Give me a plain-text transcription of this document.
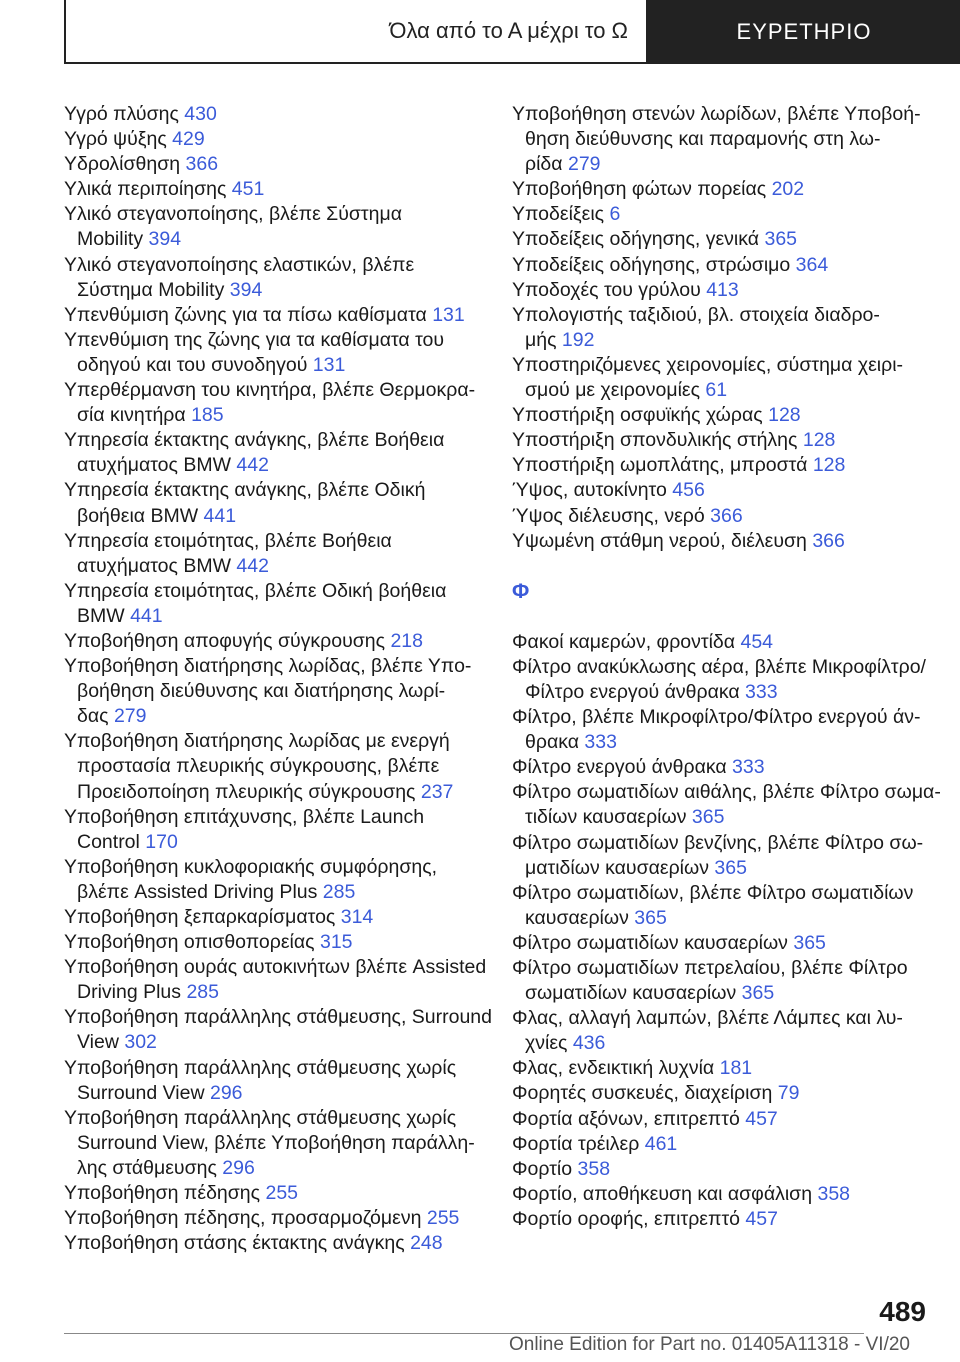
Όλα από το Α μέχρι το Ω	ΕΥΡΕΤΗΡΙΟ
Υγρό πλύσης 430
Υγρό ψύξης 429
Υδρολίσθηση 366
Υλικά περιποίησης 451
Υλικό στεγανοποίησης, βλέπε Σύστημα
Mobility 394
Υλικό στεγανοποίησης ελαστικών, βλέπε
Σύστημα Mobility 394
Υπενθύμιση ζώνης για τα πίσω καθίσματα 131
Υπενθύμιση της ζώνης για τα καθίσματα του
οδηγού και του συνοδηγού 131
Υπερθέρμανση του κινητήρα, βλέπε Θερμοκρα-
σία κινητήρα 185
Υπηρεσία έκτακτης ανάγκης, βλέπε Βοήθεια
ατυχήματος BMW 442
Υπηρεσία έκτακτης ανάγκης, βλέπε Οδική
βοήθεια BMW 441
Υπηρεσία ετοιμότητας, βλέπε Βοήθεια
ατυχήματος BMW 442
Υπηρεσία ετοιμότητας, βλέπε Οδική βοήθεια
BMW 441
Υποβοήθηση αποφυγής σύγκρουσης 218
Υποβοήθηση διατήρησης λωρίδας, βλέπε Υπο-
βοήθηση διεύθυνσης και διατήρησης λωρί-
δας 279
Υποβοήθηση διατήρησης λωρίδας με ενεργή
προστασία πλευρικής σύγκρουσης, βλέπε
Προειδοποίηση πλευρικής σύγκρουσης 237
Υποβοήθηση επιτάχυνσης, βλέπε Launch
Control 170
Υποβοήθηση κυκλοφοριακής συμφόρησης,
βλέπε Assisted Driving Plus 285
Υποβοήθηση ξεπαρκαρίσματος 314
Υποβοήθηση οπισθοπορείας 315
Υποβοήθηση ουράς αυτοκινήτων βλέπε Assisted
Driving Plus 285
Υποβοήθηση παράλληλης στάθμευσης, Surround
View 302
Υποβοήθηση παράλληλης στάθμευσης χωρίς
Surround View 296
Υποβοήθηση παράλληλης στάθμευσης χωρίς
Surround View, βλέπε Υποβοήθηση παράλλη-
λης στάθμευσης 296
Υποβοήθηση πέδησης 255
Υποβοήθηση πέδησης, προσαρμοζόμενη 255
Υποβοήθηση στάσης έκτακτης ανάγκης 248
Υποβοήθηση στενών λωρίδων, βλέπε Υποβοή-
θηση διεύθυνσης και παραμονής στη λω-
ρίδα 279
Υποβοήθηση φώτων πορείας 202
Υποδείξεις 6
Υποδείξεις οδήγησης, γενικά 365
Υποδείξεις οδήγησης, στρώσιμο 364
Υποδοχές του γρύλου 413
Υπολογιστής ταξιδιού, βλ. στοιχεία διαδρο-
μής 192
Υποστηριζόμενες χειρονομίες, σύστημα χειρι-
σμού με χειρονομίες 61
Υποστήριξη οσφυϊκής χώρας 128
Υποστήριξη σπονδυλικής στήλης 128
Υποστήριξη ωμοπλάτης, μπροστά 128
Ύψος, αυτοκίνητο 456
Ύψος διέλευσης, νερό 366
Υψωμένη στάθμη νερού, διέλευση 366
Φ
Φακοί καμερών, φροντίδα 454
Φίλτρο ανακύκλωσης αέρα, βλέπε Μικροφίλτρο/
Φίλτρο ενεργού άνθρακα 333
Φίλτρο, βλέπε Μικροφίλτρο/Φίλτρο ενεργού άν-
θρακα 333
Φίλτρο ενεργού άνθρακα 333
Φίλτρο σωματιδίων αιθάλης, βλέπε Φίλτρο σωμα-
τιδίων καυσαερίων 365
Φίλτρο σωματιδίων βενζίνης, βλέπε Φίλτρο σω-
ματιδίων καυσαερίων 365
Φίλτρο σωματιδίων, βλέπε Φίλτρο σωματιδίων
καυσαερίων 365
Φίλτρο σωματιδίων καυσαερίων 365
Φίλτρο σωματιδίων πετρελαίου, βλέπε Φίλτρο
σωματιδίων καυσαερίων 365
Φλας, αλλαγή λαμπών, βλέπε Λάμπες και λυ-
χνίες 436
Φλας, ενδεικτική λυχνία 181
Φορητές συσκευές, διαχείριση 79
Φορτία αξόνων, επιτρεπτό 457
Φορτία τρέιλερ 461
Φορτίο 358
Φορτίο, αποθήκευση και ασφάλιση 358
Φορτίο οροφής, επιτρεπτό 457
489
Online Edition for Part no. 01405A11318 - VI/20
